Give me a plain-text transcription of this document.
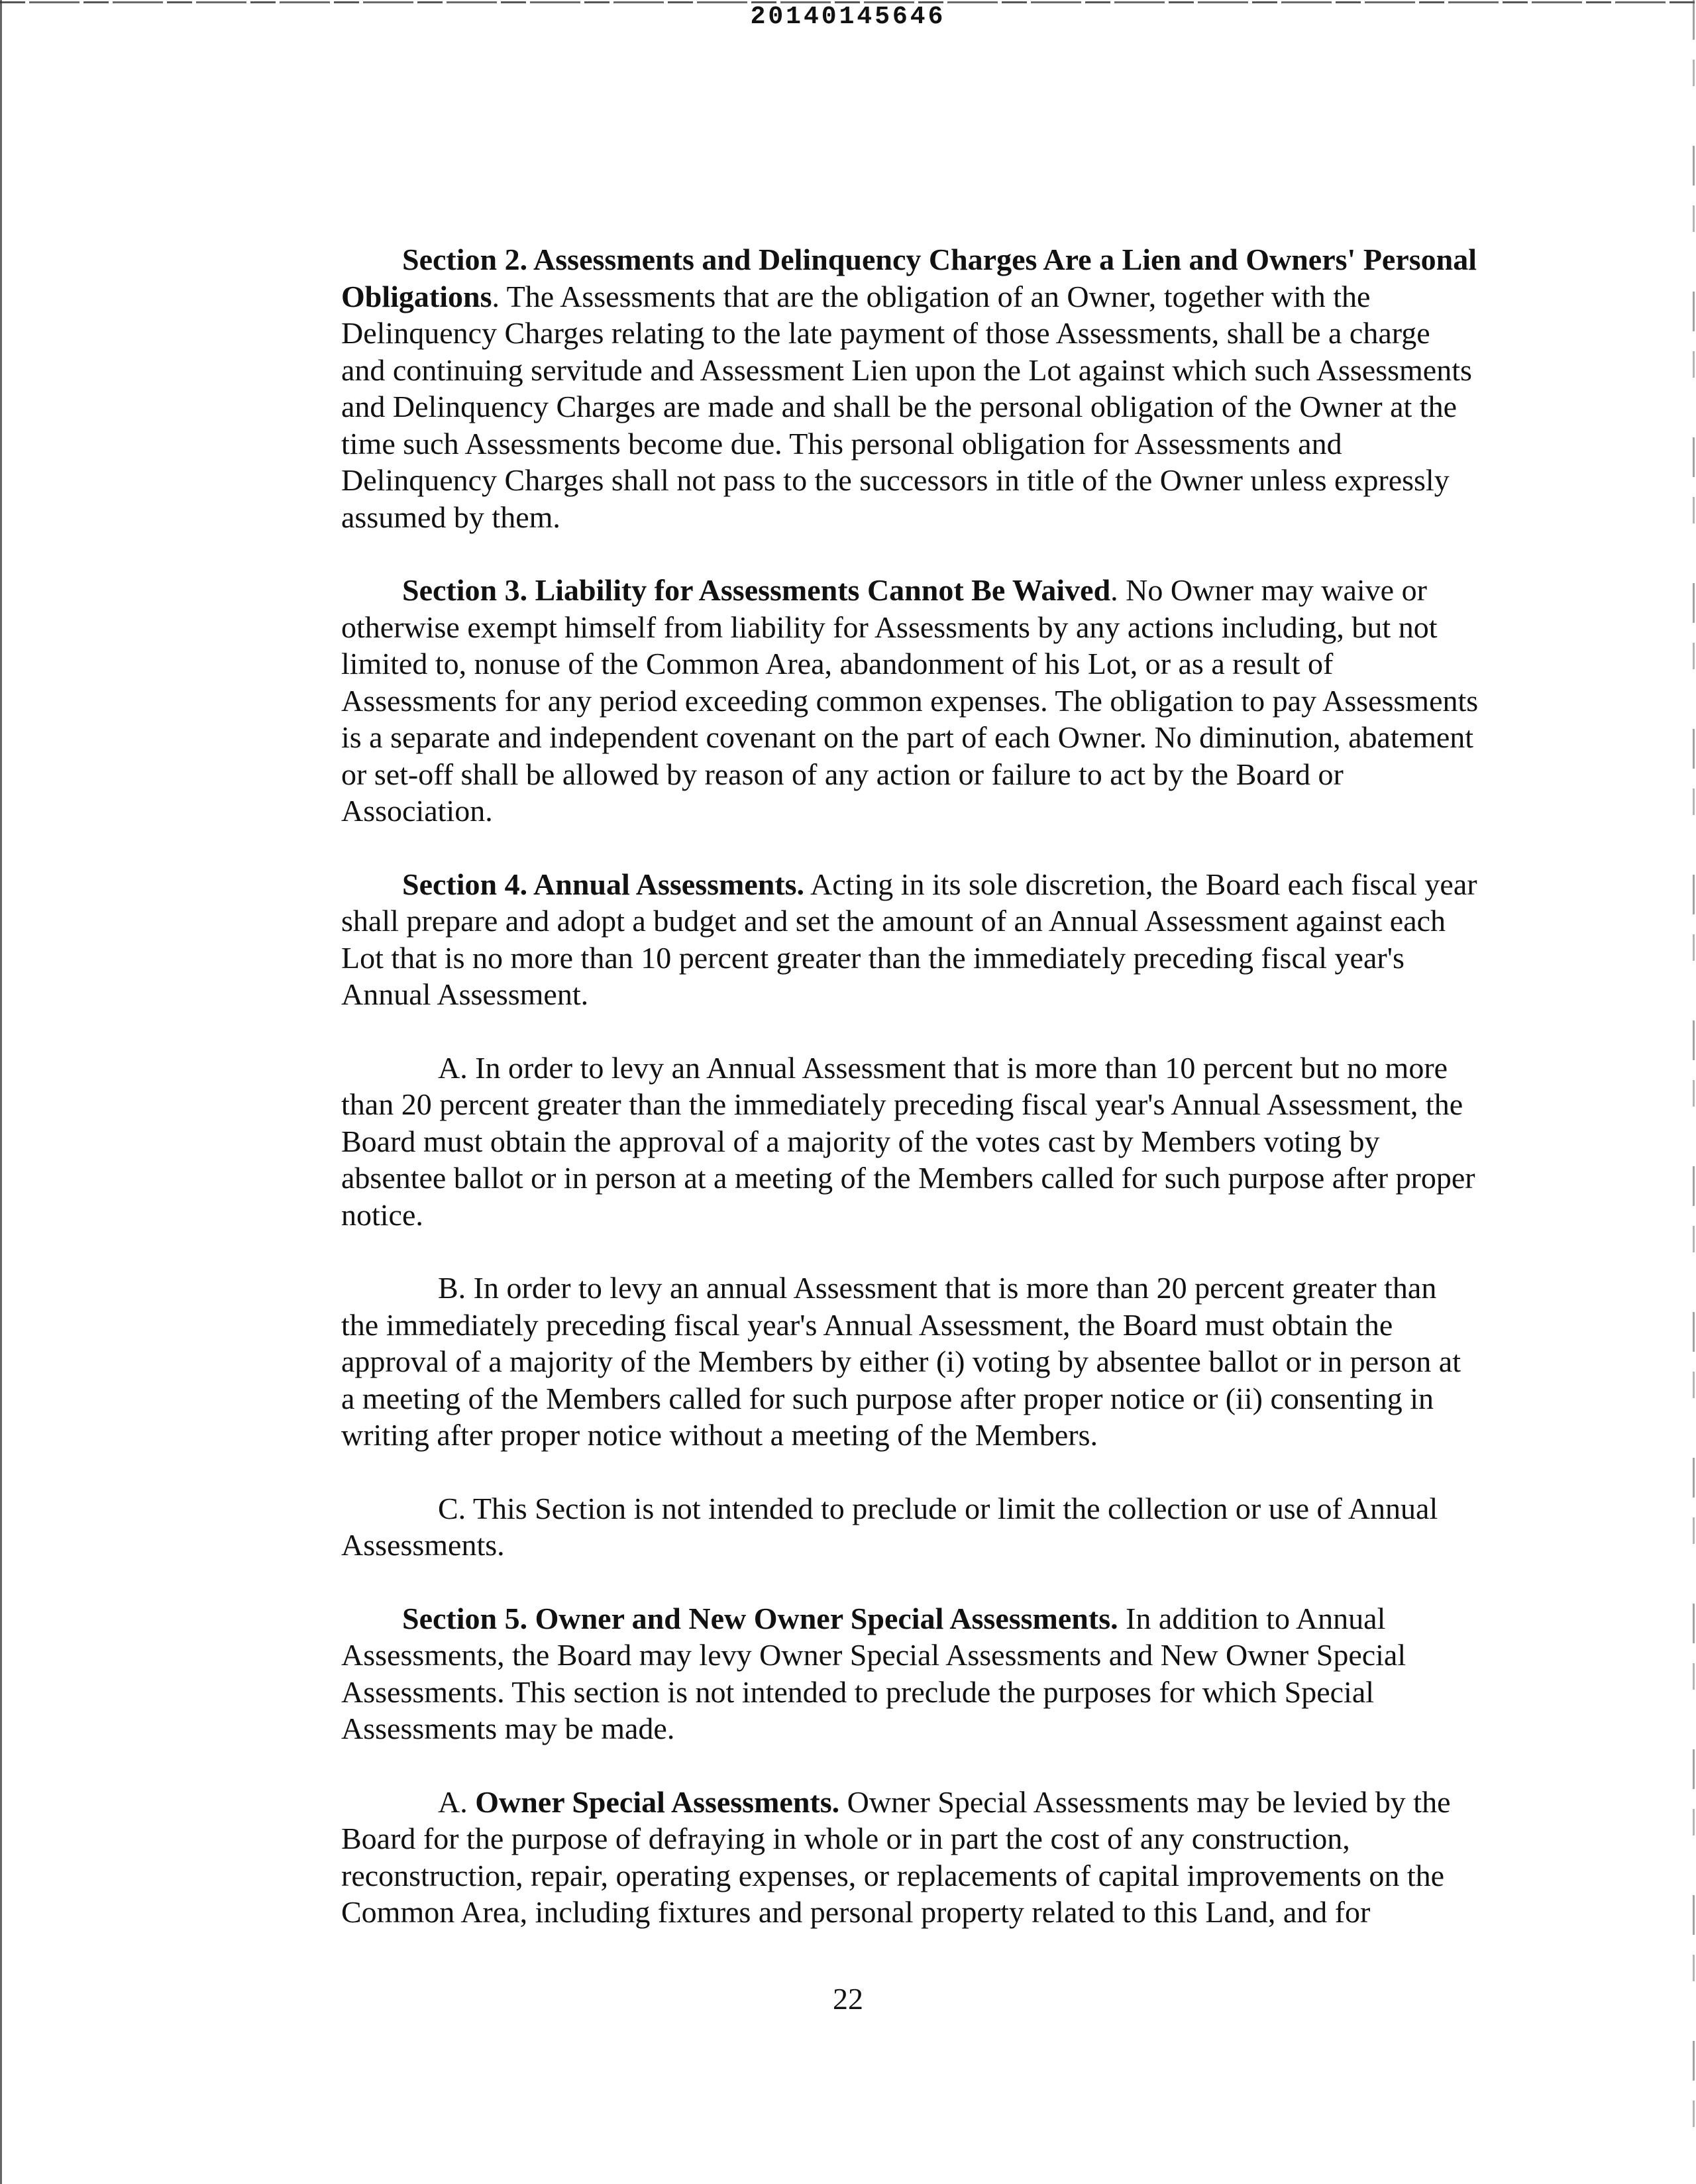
20140145646

Section 2. Assessments and Delinquency Charges Are a Lien and Owners' Personal Obligations. The Assessments that are the obligation of an Owner, together with the Delinquency Charges relating to the late payment of those Assessments, shall be a charge and continuing servitude and Assessment Lien upon the Lot against which such Assessments and Delinquency Charges are made and shall be the personal obligation of the Owner at the time such Assessments become due. This personal obligation for Assessments and Delinquency Charges shall not pass to the successors in title of the Owner unless expressly assumed by them.

Section 3. Liability for Assessments Cannot Be Waived. No Owner may waive or otherwise exempt himself from liability for Assessments by any actions including, but not limited to, nonuse of the Common Area, abandonment of his Lot, or as a result of Assessments for any period exceeding common expenses. The obligation to pay Assessments is a separate and independent covenant on the part of each Owner. No diminution, abatement or set-off shall be allowed by reason of any action or failure to act by the Board or Association.

Section 4. Annual Assessments. Acting in its sole discretion, the Board each fiscal year shall prepare and adopt a budget and set the amount of an Annual Assessment against each Lot that is no more than 10 percent greater than the immediately preceding fiscal year's Annual Assessment.

A. In order to levy an Annual Assessment that is more than 10 percent but no more than 20 percent greater than the immediately preceding fiscal year's Annual Assessment, the Board must obtain the approval of a majority of the votes cast by Members voting by absentee ballot or in person at a meeting of the Members called for such purpose after proper notice.

B. In order to levy an annual Assessment that is more than 20 percent greater than the immediately preceding fiscal year's Annual Assessment, the Board must obtain the approval of a majority of the Members by either (i) voting by absentee ballot or in person at a meeting of the Members called for such purpose after proper notice or (ii) consenting in writing after proper notice without a meeting of the Members.

C. This Section is not intended to preclude or limit the collection or use of Annual Assessments.

Section 5. Owner and New Owner Special Assessments. In addition to Annual Assessments, the Board may levy Owner Special Assessments and New Owner Special Assessments. This section is not intended to preclude the purposes for which Special Assessments may be made.

A. Owner Special Assessments. Owner Special Assessments may be levied by the Board for the purpose of defraying in whole or in part the cost of any construction, reconstruction, repair, operating expenses, or replacements of capital improvements on the Common Area, including fixtures and personal property related to this Land, and for

22
